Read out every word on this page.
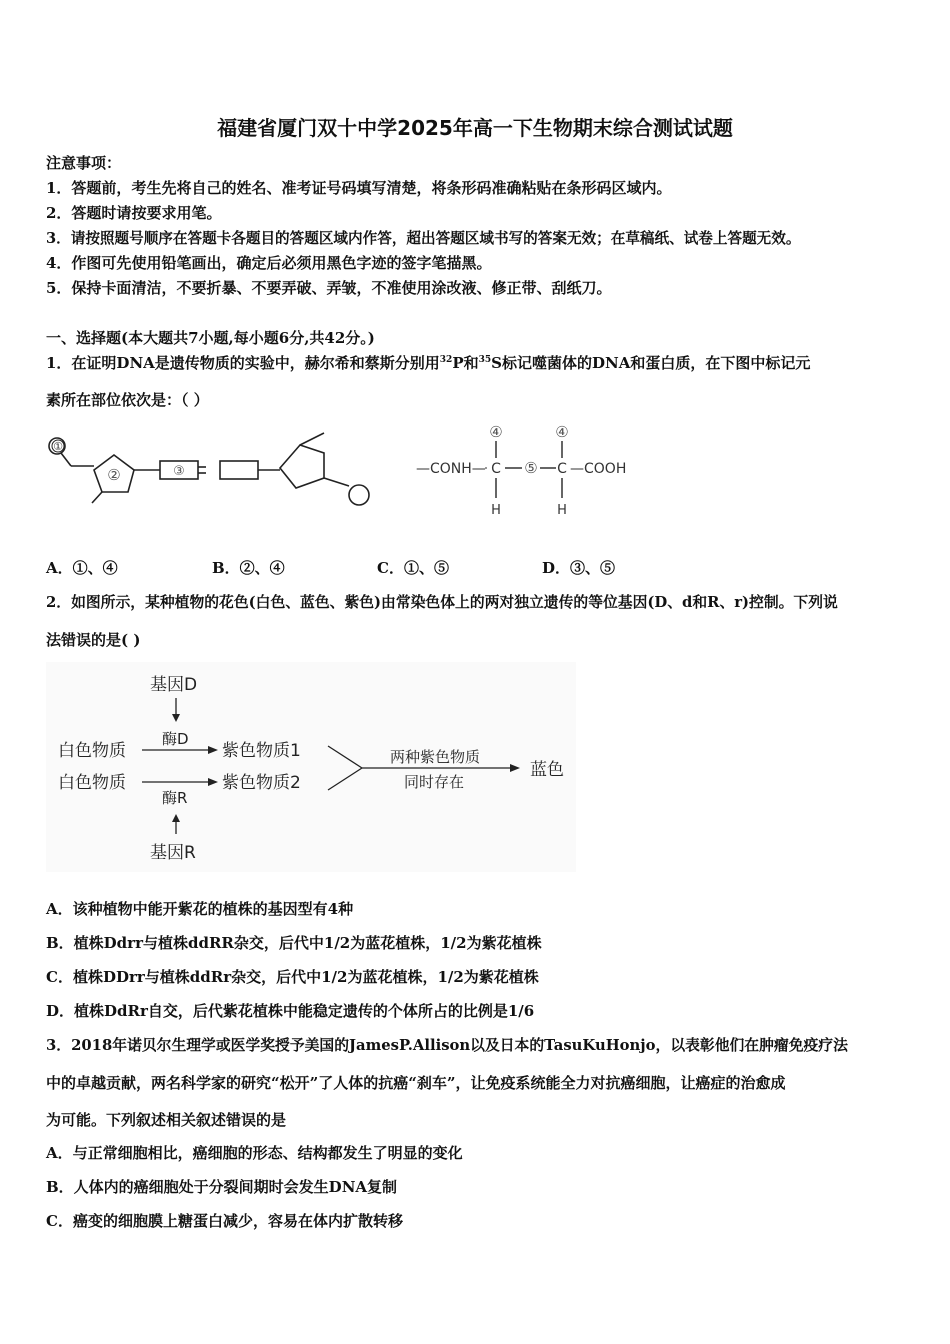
福建省厦门双十中学2025年高一下生物期末综合测试试题
注意事项：
1．答题前，考生先将自己的姓名、准考证号码填写清楚，将条形码准确粘贴在条形码区域内。
2．答题时请按要求用笔。
3．请按照题号顺序在答题卡各题目的答题区域内作答，超出答题区域书写的答案无效；在草稿纸、试卷上答题无效。
4．作图可先使用铅笔画出，确定后必须用黑色字迹的签字笔描黑。
5．保持卡面清洁，不要折暴、不要弄破、弄皱，不准使用涂改液、修正带、刮纸刀。
一、选择题(本大题共7小题,每小题6分,共42分。)
1．在证明DNA是遗传物质的实验中，赫尔希和蔡斯分别用$^{32}$P和$^{35}$S标记噬菌体的DNA和蛋白质，在下图中标记元
素所在部位依次是：（ ）
①
②	③	—CONH—
④
C
H
⑤
④
C
H
—COOH
A．①、④	B．②、④	C．①、⑤	D．③、⑤
2．如图所示，某种植物的花色(白色、蓝色、紫色)由常染色体上的两对独立遗传的等位基因(D、d和R、r)控制。下列说
法错误的是( )
基因D
酶D
白色物质
白色物质
紫色物质1
紫色物质2
酶R
基因R
两种紫色物质
同时存在
蓝色
A．该种植物中能开紫花的植株的基因型有4种
B．植株Ddrr与植株ddRR杂交，后代中1/2为蓝花植株，1/2为紫花植株
C．植株DDrr与植株ddRr杂交，后代中1/2为蓝花植株，1/2为紫花植株
D．植株DdRr自交，后代紫花植株中能稳定遗传的个体所占的比例是1/6
3．2018年诺贝尔生理学或医学奖授予美国的JamesP.Allison以及日本的TasuKuHonjo，以表彰他们在肿瘤免疫疗法
中的卓越贡献，两名科学家的研究“松开”了人体的抗癌“刹车”，让免疫系统能全力对抗癌细胞，让癌症的治愈成
为可能。下列叙述相关叙述错误的是
A．与正常细胞相比，癌细胞的形态、结构都发生了明显的变化
B．人体内的癌细胞处于分裂间期时会发生DNA复制
C．癌变的细胞膜上糖蛋白减少，容易在体内扩散转移
